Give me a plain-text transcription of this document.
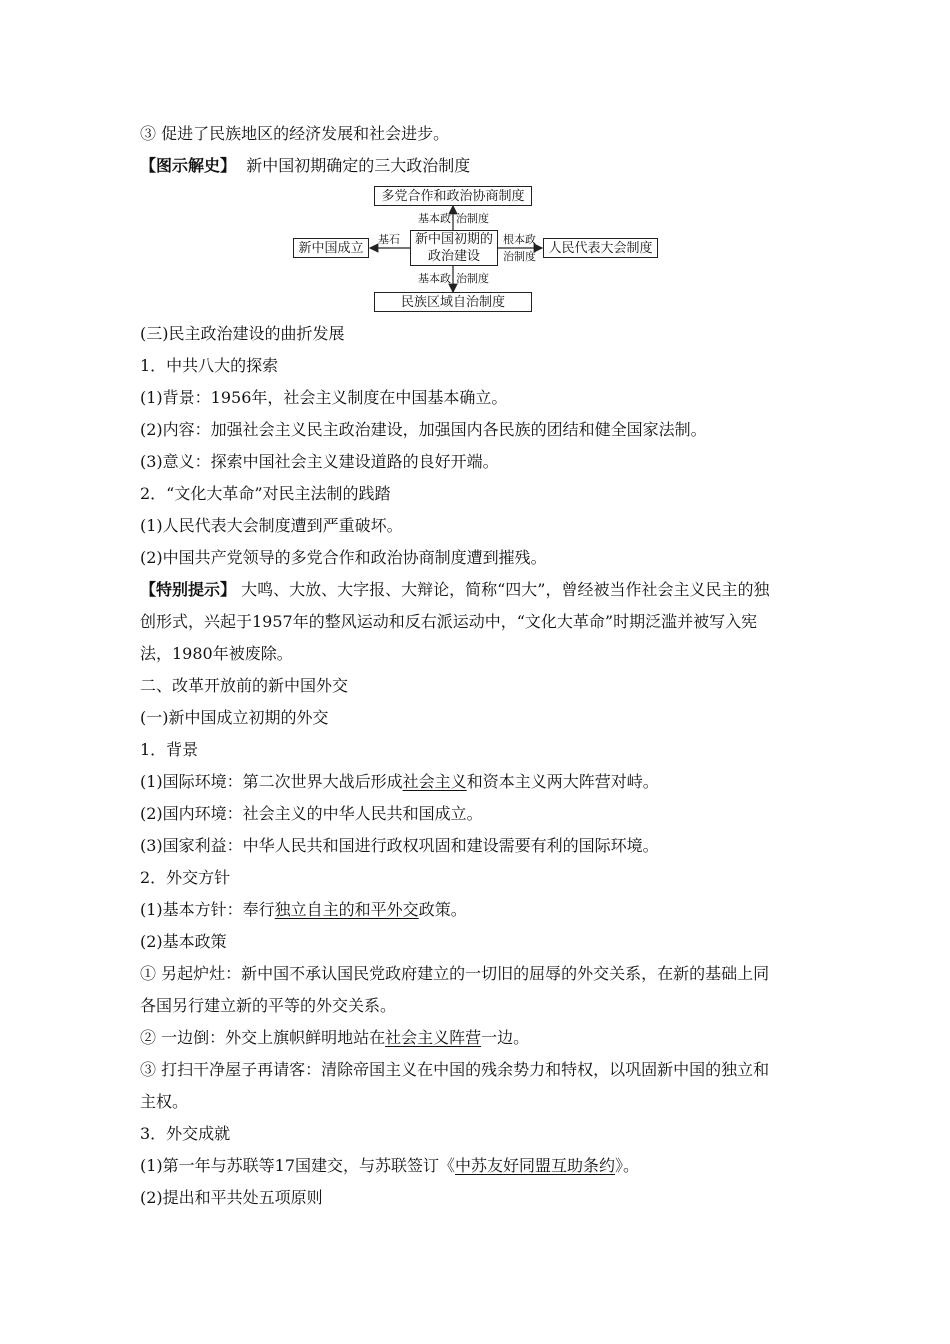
③ 促进了民族地区的经济发展和社会进步。
【图示解史】 新中国初期确定的三大政治制度
多党合作和政治协商制度
新中国初期的
政治建设
新中国成立	人民代表大会制度
民族区域自治制度
基本政 治制度
基本政 治制度
基石	根本政
治制度
(三)民主政治建设的曲折发展
1．中共八大的探索
(1)背景：1956年，社会主义制度在中国基本确立。
(2)内容：加强社会主义民主政治建设，加强国内各民族的团结和健全国家法制。
(3)意义：探索中国社会主义建设道路的良好开端。
2．“文化大革命”对民主法制的践踏
(1)人民代表大会制度遭到严重破坏。
(2)中国共产党领导的多党合作和政治协商制度遭到摧残。
【特别提示】 大鸣、大放、大字报、大辩论，简称“四大”，曾经被当作社会主义民主的独
创形式，兴起于1957年的整风运动和反右派运动中，“文化大革命”时期泛滥并被写入宪
法，1980年被废除。
二、改革开放前的新中国外交
(一)新中国成立初期的外交
1．背景
(1)国际环境：第二次世界大战后形成社会主义和资本主义两大阵营对峙。
(2)国内环境：社会主义的中华人民共和国成立。
(3)国家利益：中华人民共和国进行政权巩固和建设需要有利的国际环境。
2．外交方针
(1)基本方针：奉行独立自主的和平外交政策。
(2)基本政策
① 另起炉灶：新中国不承认国民党政府建立的一切旧的屈辱的外交关系，在新的基础上同
各国另行建立新的平等的外交关系。
② 一边倒：外交上旗帜鲜明地站在社会主义阵营一边。
③ 打扫干净屋子再请客：清除帝国主义在中国的残余势力和特权，以巩固新中国的独立和
主权。
3．外交成就
(1)第一年与苏联等17国建交，与苏联签订《中苏友好同盟互助条约》。
(2)提出和平共处五项原则
